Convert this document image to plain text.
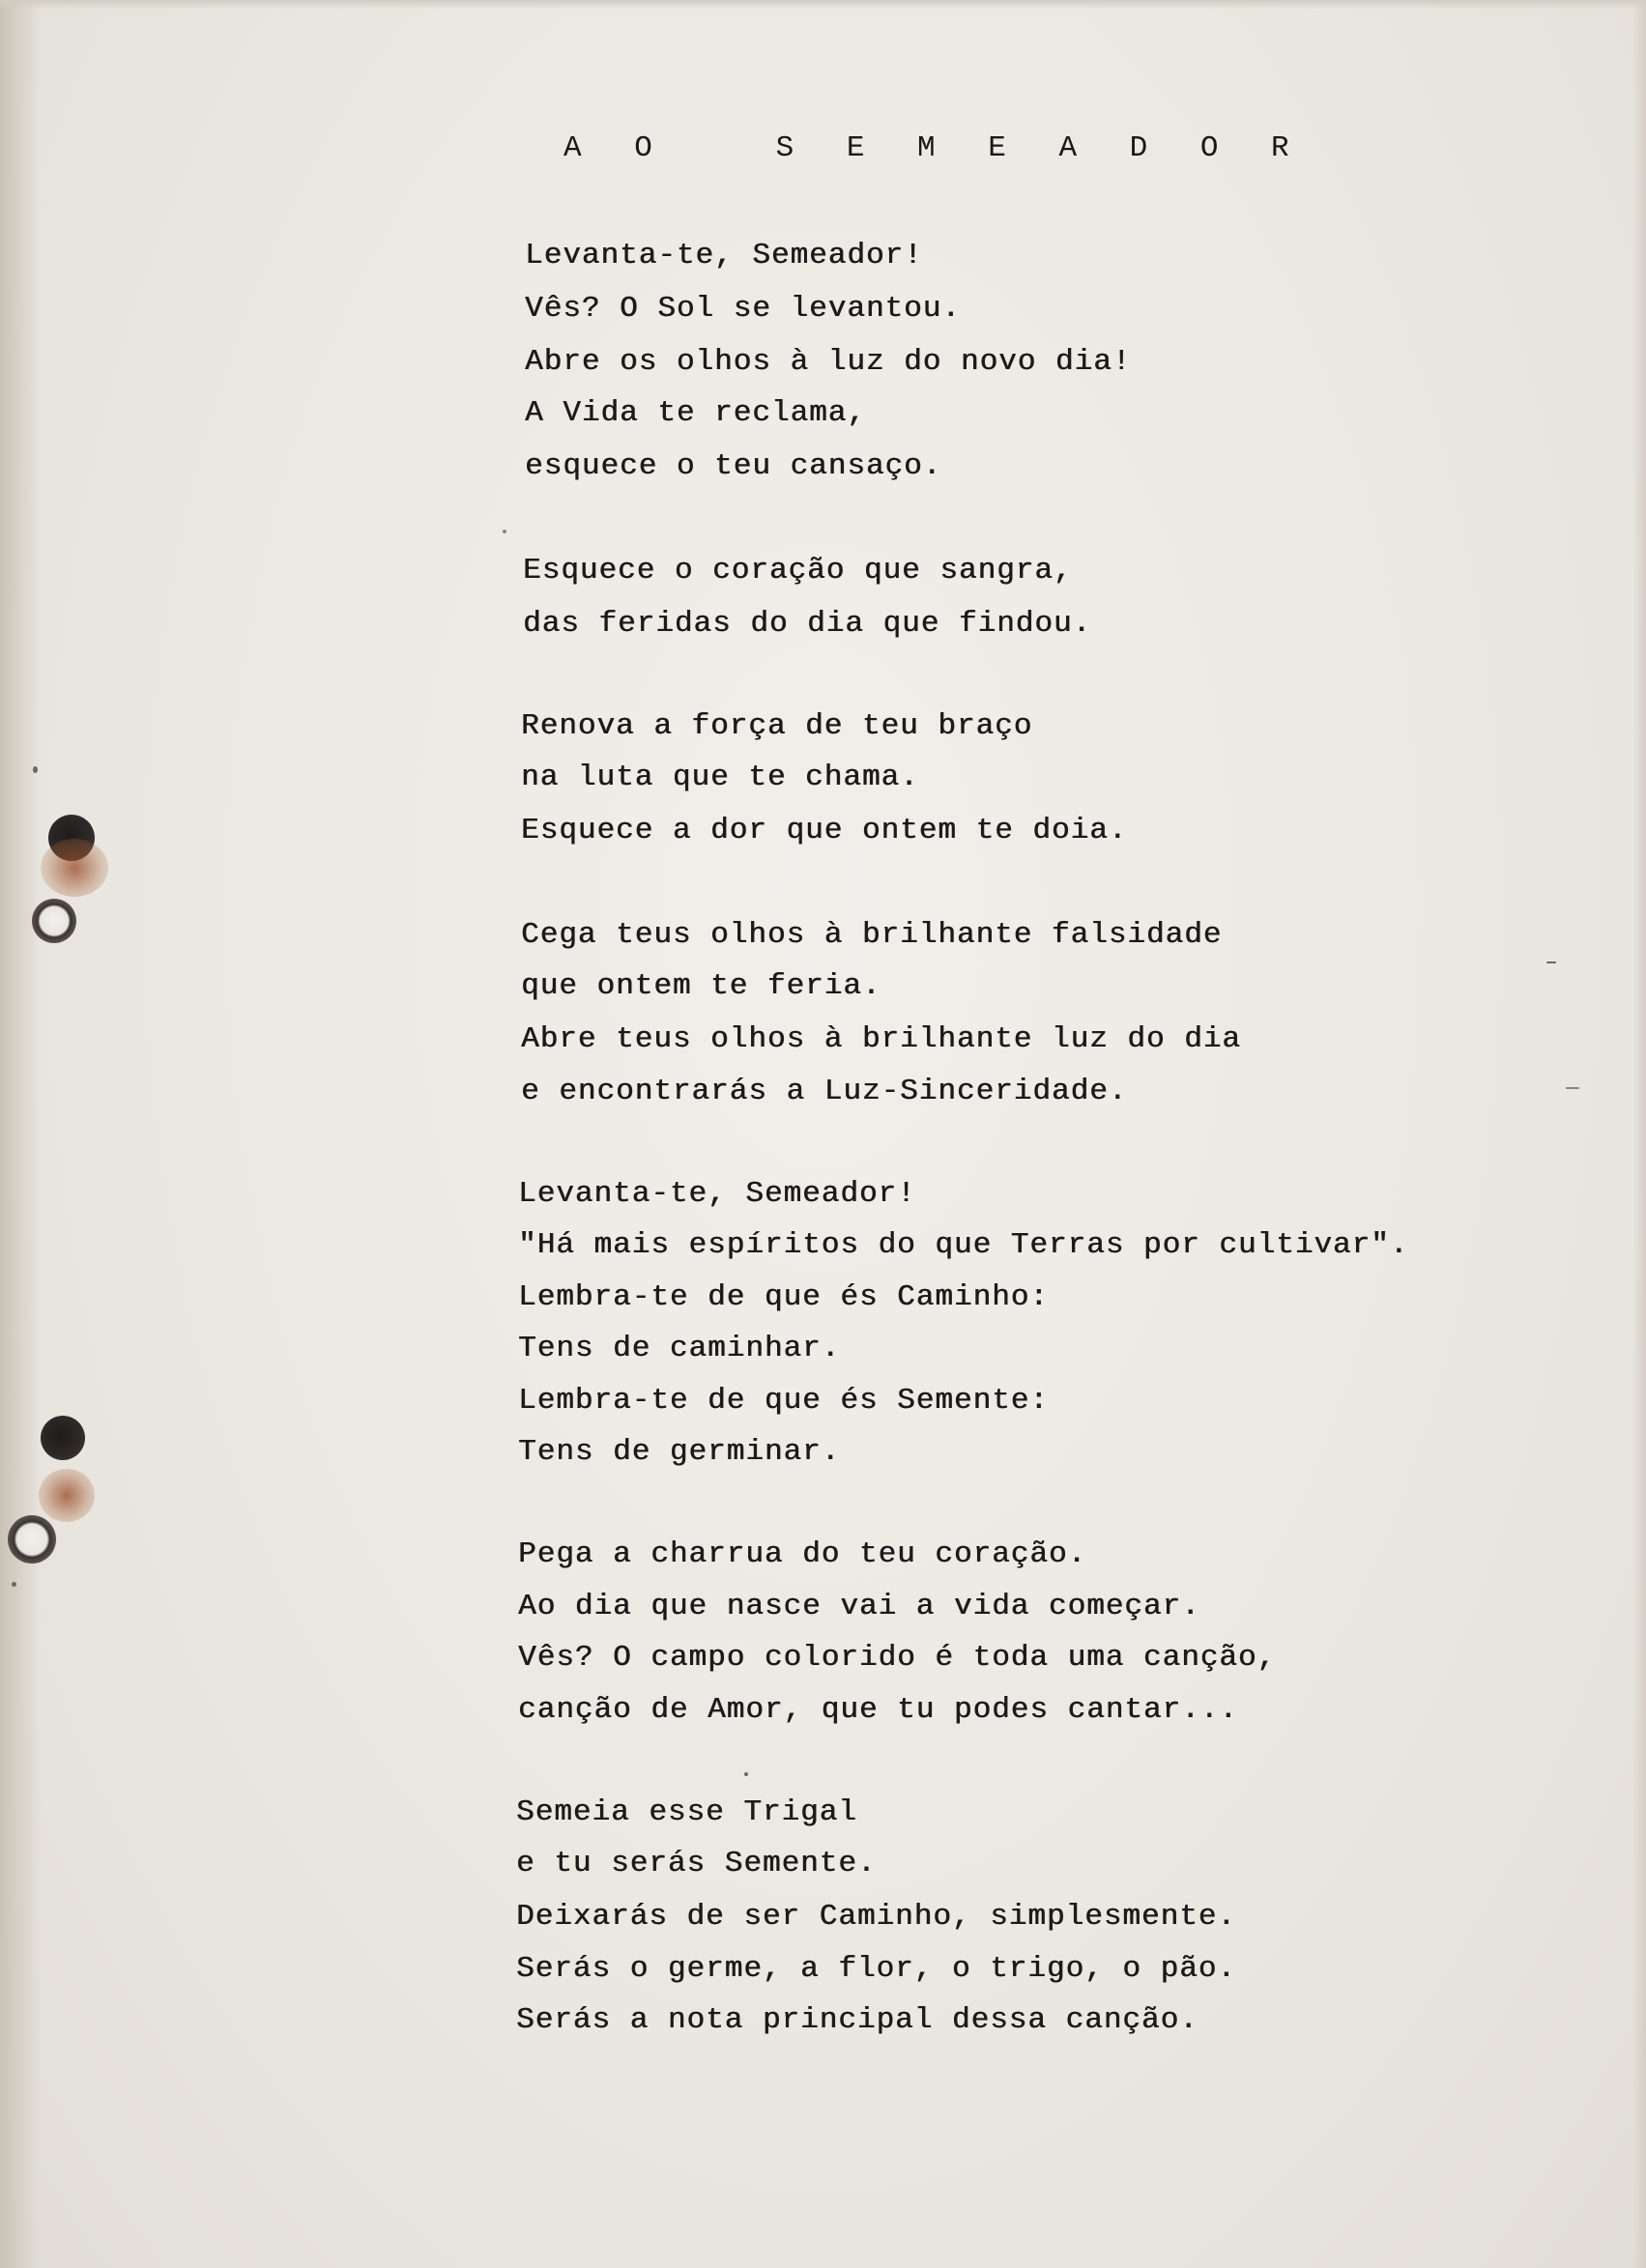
A O   S E M E A D O R
Levanta-te, Semeador!
Vês? O Sol se levantou.
Abre os olhos à luz do novo dia!
A Vida te reclama,
esquece o teu cansaço.
Esquece o coração que sangra,
das feridas do dia que findou.
Renova a força de teu braço
na luta que te chama.
Esquece a dor que ontem te doia.
Cega teus olhos à brilhante falsidade
que ontem te feria.
Abre teus olhos à brilhante luz do dia
e encontrarás a Luz-Sinceridade.
Levanta-te, Semeador!
"Há mais espíritos do que Terras por cultivar".
Lembra-te de que és Caminho:
Tens de caminhar.
Lembra-te de que és Semente:
Tens de germinar.
Pega a charrua do teu coração.
Ao dia que nasce vai a vida começar.
Vês? O campo colorido é toda uma canção,
canção de Amor, que tu podes cantar...
Semeia esse Trigal
e tu serás Semente.
Deixarás de ser Caminho, simplesmente.
Serás o germe, a flor, o trigo, o pão.
Serás a nota principal dessa canção.
